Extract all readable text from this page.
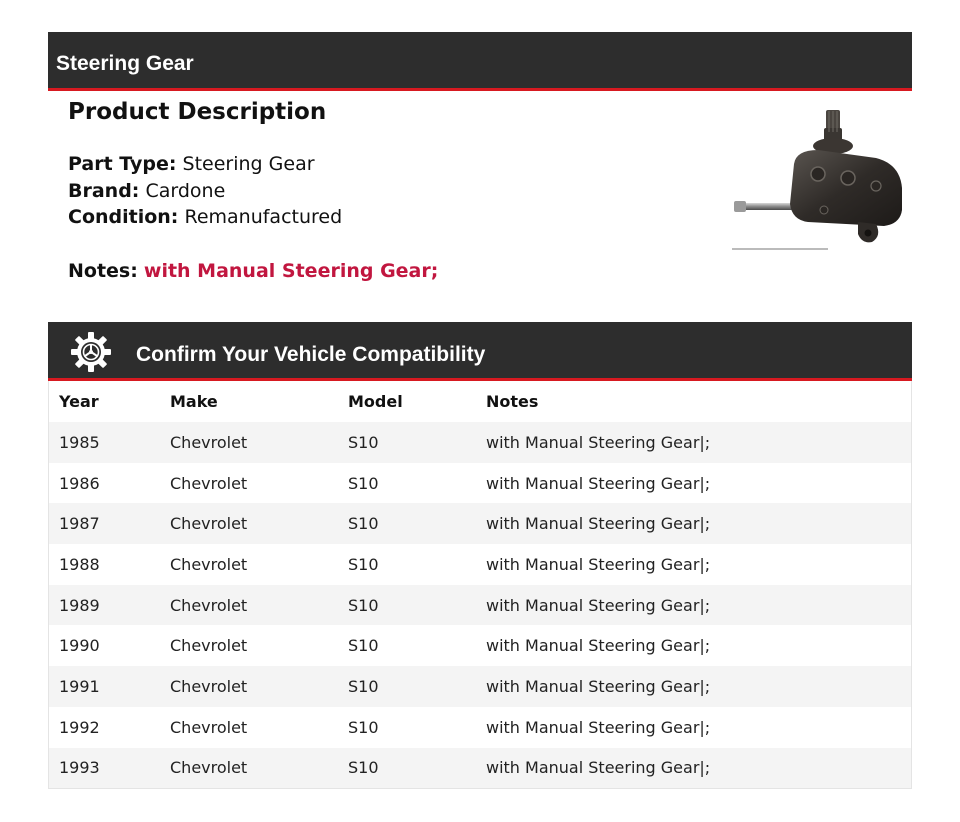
Steering Gear
Product Description
Part Type: Steering Gear
Brand: Cardone
Condition: Remanufactured
Notes: with Manual Steering Gear;
Confirm Your Vehicle Compatibility
Year	Make	Model	Notes
1985	Chevrolet	S10	with Manual Steering Gear|;
1986	Chevrolet	S10	with Manual Steering Gear|;
1987	Chevrolet	S10	with Manual Steering Gear|;
1988	Chevrolet	S10	with Manual Steering Gear|;
1989	Chevrolet	S10	with Manual Steering Gear|;
1990	Chevrolet	S10	with Manual Steering Gear|;
1991	Chevrolet	S10	with Manual Steering Gear|;
1992	Chevrolet	S10	with Manual Steering Gear|;
1993	Chevrolet	S10	with Manual Steering Gear|;
